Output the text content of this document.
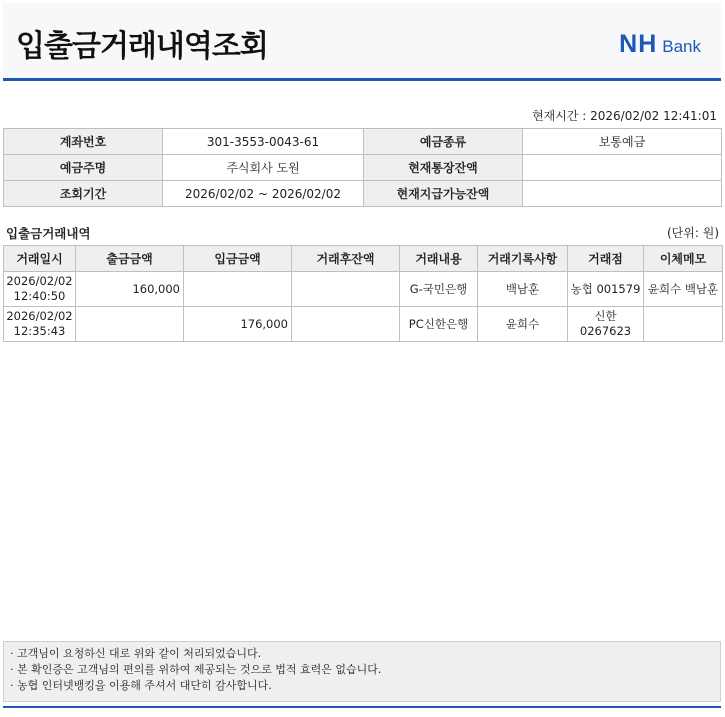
입출금거래내역조회	NH Bank
현재시간 : 2026/02/02 12:41:01
계좌번호	301-3553-0043-61	예금종류	보통예금
예금주명	주식회사 도원	현재통장잔액	
조회기간	2026/02/02 ~ 2026/02/02	현재지급가능잔액	
입출금거래내역	(단위: 원)
거래일시	출금금액	입금금액	거래후잔액	거래내용	거래기록사항	거래점	이체메모
2026/02/02
12:40:50	160,000			G-국민은행	백남훈	농협 001579	윤희수 백남훈
2026/02/02
12:35:43		176,000		PC신한은행	윤희수	신한
0267623	
· 고객님이 요청하신 대로 위와 같이 처리되었습니다.
· 본 확인증은 고객님의 편의를 위하여 제공되는 것으로 법적 효력은 없습니다.
· 농협 인터넷뱅킹을 이용해 주셔서 대단히 감사합니다.
